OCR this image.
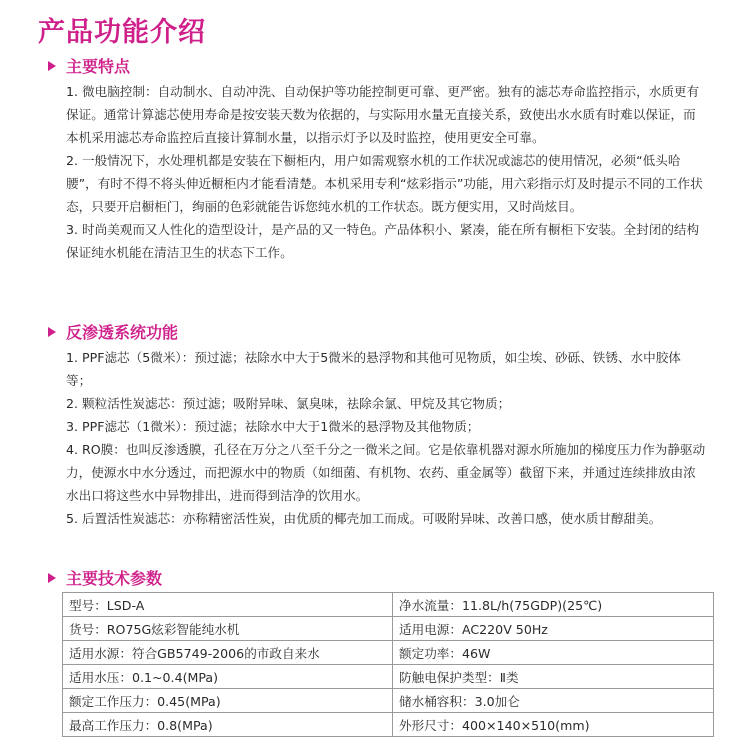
产品功能介绍
主要特点

1. 微电脑控制：自动制水、自动冲洗、自动保护等功能控制更可靠、更严密。独有的滤芯寿命监控指示，水质更有保证。通常计算滤芯使用寿命是按安装天数为依据的，与实际用水量无直接关系，致使出水水质有时难以保证，而本机采用滤芯寿命监控后直接计算制水量，以指示灯予以及时监控，使用更安全可靠。

2. 一般情况下，水处理机都是安装在下橱柜内，用户如需观察水机的工作状况或滤芯的使用情况，必须“低头哈腰”，有时不得不将头伸近橱柜内才能看清楚。本机采用专利“炫彩指示”功能，用六彩指示灯及时提示不同的工作状态，只要开启橱柜门，绚丽的色彩就能告诉您纯水机的工作状态。既方便实用，又时尚炫目。

3. 时尚美观而又人性化的造型设计，是产品的又一特色。产品体积小、紧凑，能在所有橱柜下安装。全封闭的结构保证纯水机能在清洁卫生的状态下工作。

反渗透系统功能

1. PPF滤芯（5微米）：预过滤；祛除水中大于5微米的悬浮物和其他可见物质，如尘埃、砂砾、铁锈、水中胶体等；

2. 颗粒活性炭滤芯：预过滤；吸附异味、氯臭味，祛除余氯、甲烷及其它物质；

3. PPF滤芯（1微米）：预过滤；祛除水中大于1微米的悬浮物及其他物质；

4. RO膜：也叫反渗透膜，孔径在万分之八至千分之一微米之间。它是依靠机器对源水所施加的梯度压力作为静驱动力，使源水中水分透过，而把源水中的物质（如细菌、有机物、农药、重金属等）截留下来，并通过连续排放由浓水出口将这些水中异物排出，进而得到洁净的饮用水。

5. 后置活性炭滤芯：亦称精密活性炭，由优质的椰壳加工而成。可吸附异味、改善口感，使水质甘醇甜美。

主要技术参数
型号：LSD-A	净水流量：11.8L/h(75GDP)(25℃)
货号：RO75G炫彩智能纯水机	适用电源：AC220V 50Hz
适用水源：符合GB5749-2006的市政自来水	额定功率：46W
适用水压：0.1~0.4(MPa)	防触电保护类型：Ⅱ类
额定工作压力：0.45(MPa)	储水桶容积：3.0加仑
最高工作压力：0.8(MPa)	外形尺寸：400×140×510(mm)
